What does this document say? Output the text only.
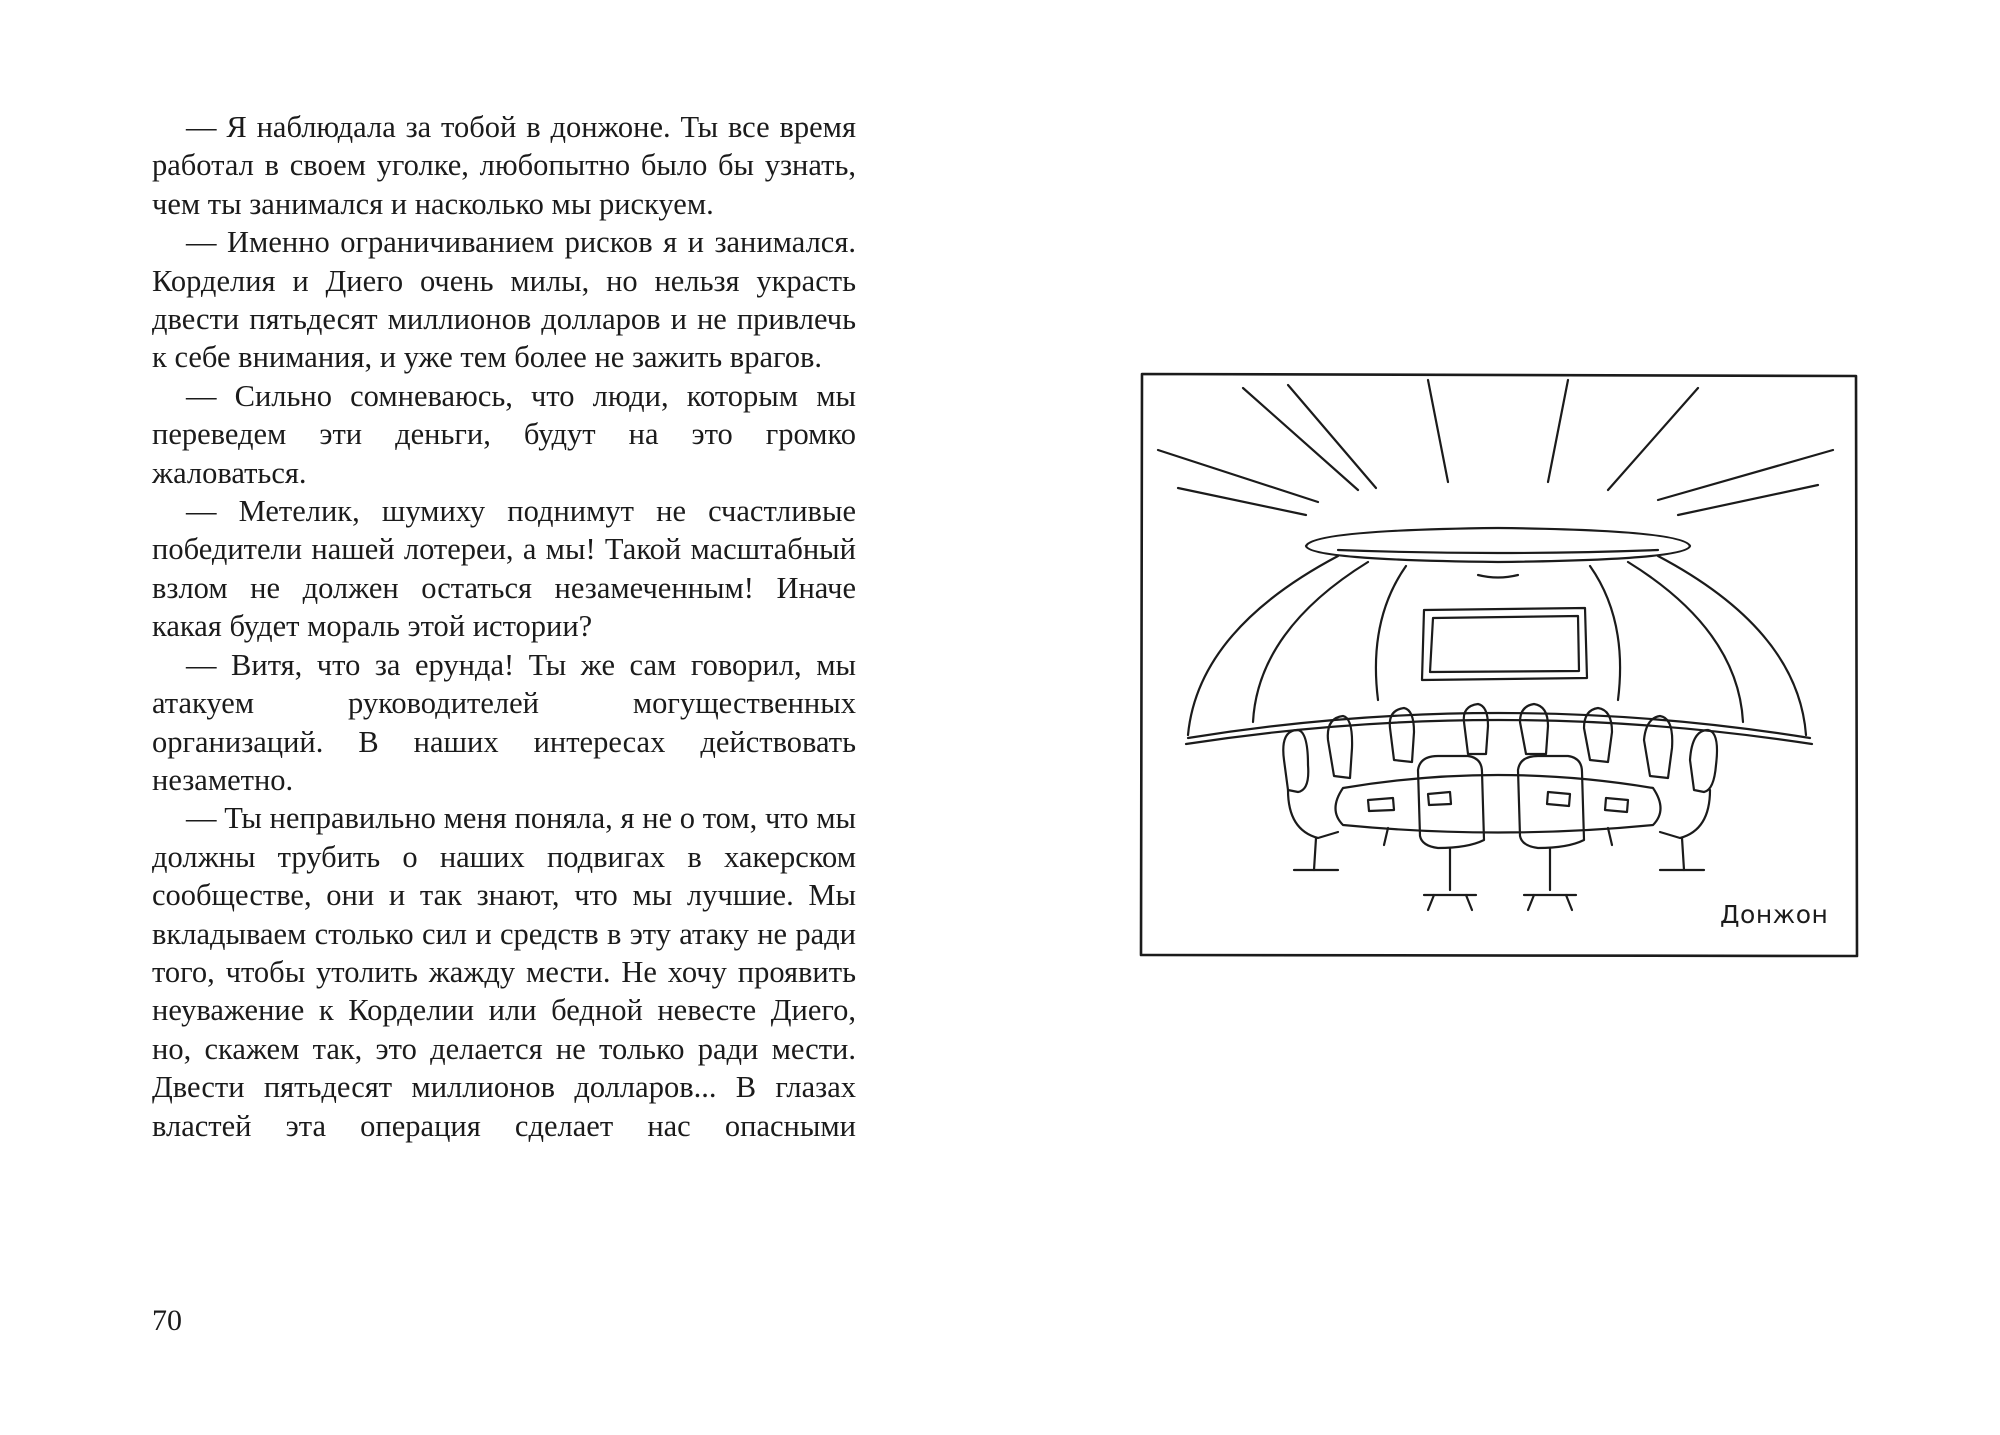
— Я наблюдала за тобой в донжоне. Ты все время работал в своем уголке, любопытно было бы узнать, чем ты занимался и насколько мы рискуем.

— Именно ограничиванием рисков я и занимался. Корделия и Диего очень милы, но нельзя украсть двести пятьдесят миллионов долларов и не привлечь к себе внимания, и уже тем более не зажить врагов.

— Сильно сомневаюсь, что люди, которым мы переведем эти деньги, будут на это громко жаловаться.

— Метелик, шумиху поднимут не счастливые победители нашей лотереи, а мы! Такой масштабный взлом не должен остаться незамеченным! Иначе какая будет мораль этой истории?

— Витя, что за ерунда! Ты же сам говорил, мы атакуем руководителей могущественных организаций. В наших интересах действовать незаметно.

— Ты неправильно меня поняла, я не о том, что мы должны трубить о наших подвигах в хакерском сообществе, они и так знают, что мы лучшие. Мы вкладываем столько сил и средств в эту атаку не ради того, чтобы утолить жажду мести. Не хочу проявить неуважение к Корделии или бедной невесте Диего, но, скажем так, это делается не только ради мести. Двести пятьдесят миллионов долларов... В глазах властей эта операция сделает нас опасными

70
Донжон
